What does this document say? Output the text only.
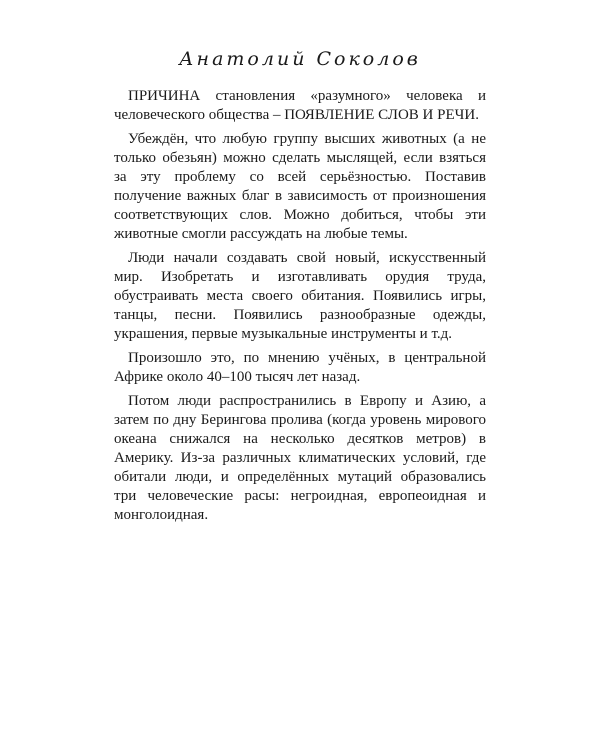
Анатолий Соколов

ПРИЧИНА становления «разумного» человека и человеческого общества – ПОЯВЛЕНИЕ СЛОВ И РЕЧИ.

Убеждён, что любую группу высших животных (а не только обезьян) можно сделать мыслящей, если взяться за эту проблему со всей серьёзностью. Поставив получение важных благ в зависимость от произношения соответствующих слов. Можно добиться, чтобы эти животные смогли рассуждать на любые темы.

Люди начали создавать свой новый, искусственный мир. Изобретать и изготавливать орудия труда, обустраивать места своего обитания. Появились игры, танцы, песни. Появились разнообразные одежды, украшения, первые музыкальные инструменты и т.д.

Произошло это, по мнению учёных, в центральной Африке около 40–100 тысяч лет назад.

Потом люди распространились в Европу и Азию, а затем по дну Берингова пролива (когда уровень мирового океана снижался на несколько десятков метров) в Америку. Из-за различных климатических условий, где обитали люди, и определённых мутаций образовались три человеческие расы: негроидная, европеоидная и монголоидная.
